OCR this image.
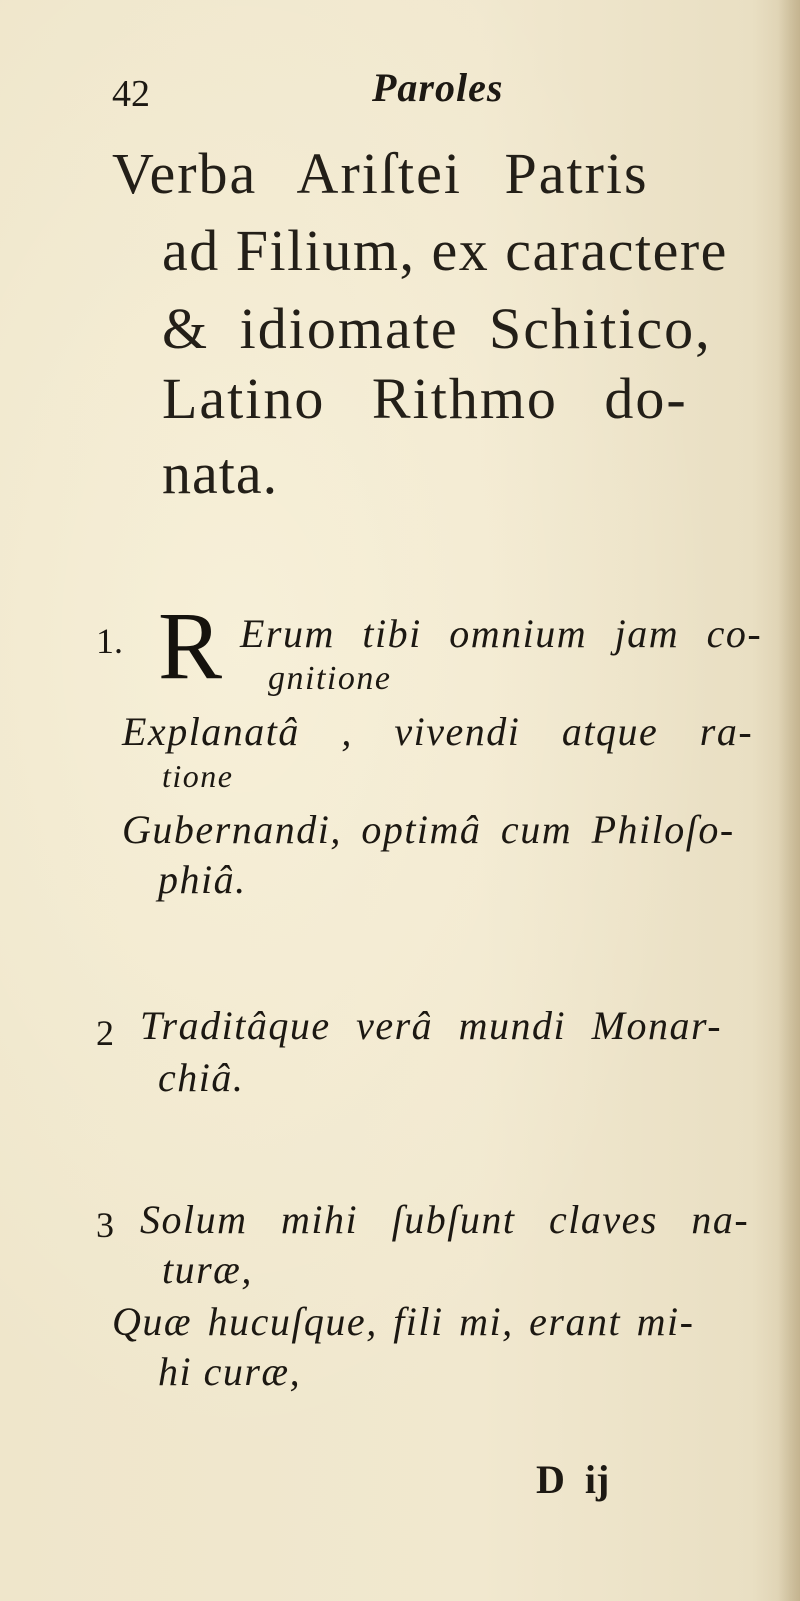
42	Paroles
Verba Ariſtei Patris
ad Filium, ex caractere
& idiomate Schitico,
Latino Rithmo do-
nata.
1. R Erum tibi omnium jam co-
gnitione
Explanatâ , vivendi atque ra-
tione
Gubernandi, optimâ cum Philoſo-
phiâ.
2 Traditâque verâ mundi Monar-
chiâ.
3 Solum mihi ſubſunt claves na-
turæ,
Quæ hucuſque, fili mi, erant mi-
hi curæ,
D ij
